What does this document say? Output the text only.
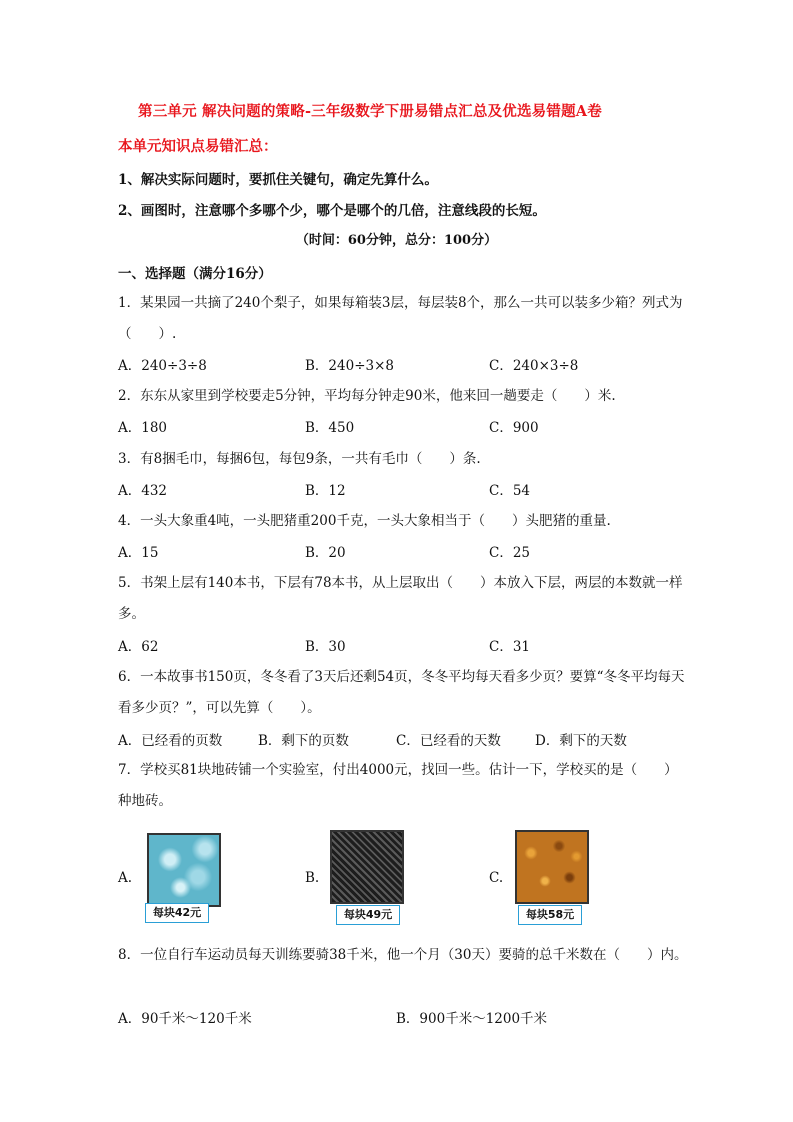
第三单元 解决问题的策略-三年级数学下册易错点汇总及优选易错题A卷
本单元知识点易错汇总：
1、解决实际问题时，要抓住关键句，确定先算什么。
2、画图时，注意哪个多哪个少，哪个是哪个的几倍，注意线段的长短。
（时间：60分钟，总分：100分）
一、选择题（满分16分）
1．某果园一共摘了240个梨子，如果每箱装3层，每层装8个，那么一共可以装多少箱？列式为（　　）.
A．240÷3÷8	B．240÷3×8	C．240×3÷8
2．东东从家里到学校要走5分钟，平均每分钟走90米，他来回一趟要走（　　）米.
A．180	B．450	C．900
3．有8捆毛巾，每捆6包，每包9条，一共有毛巾（　　）条.
A．432	B．12	C．54
4．一头大象重4吨，一头肥猪重200千克，一头大象相当于（　　）头肥猪的重量.
A．15	B．20	C．25
5．书架上层有140本书，下层有78本书，从上层取出（　　）本放入下层，两层的本数就一样多。
A．62	B．30	C．31
6．一本故事书150页，冬冬看了3天后还剩54页，冬冬平均每天看多少页？要算“冬冬平均每天看多少页？”，可以先算（　　）。
A．已经看的页数	B．剩下的页数	C．已经看的天数	D．剩下的天数
7．学校买81块地砖铺一个实验室，付出4000元，找回一些。估计一下，学校买的是（　　）种地砖。
A.
每块42元
B.
每块49元
C.
每块58元
8．一位自行车运动员每天训练要骑38千米，他一个月（30天）要骑的总千米数在（　　）内。
A．90千米～120千米	B．900千米～1200千米
